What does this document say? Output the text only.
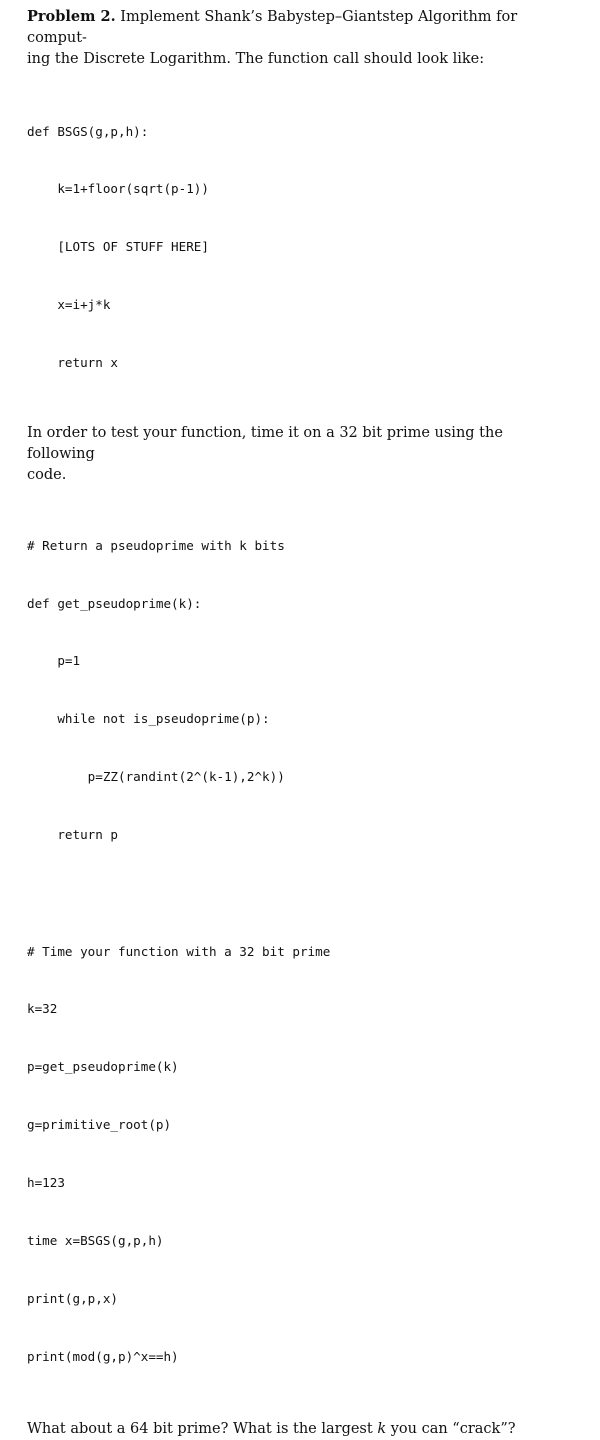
Problem 2. Implement Shank’s Babystep–Giantstep Algorithm for comput-
ing the Discrete Logarithm. The function call should look like:

def BSGS(g,p,h):

k=1+floor(sqrt(p-1))

[LOTS OF STUFF HERE]

x=i+j*k

return x

In order to test your function, time it on a 32 bit prime using the following
code.

# Return a pseudoprime with k bits

def get_pseudoprime(k):

p=1

while not is_pseudoprime(p):

p=ZZ(randint(2^(k-1),2^k))

return p

# Time your function with a 32 bit prime

k=32

p=get_pseudoprime(k)

g=primitive_root(p)

h=123

time x=BSGS(g,p,h)

print(g,p,x)

print(mod(g,p)^x==h)

What about a 64 bit prime? What is the largest k you can “crack”?
